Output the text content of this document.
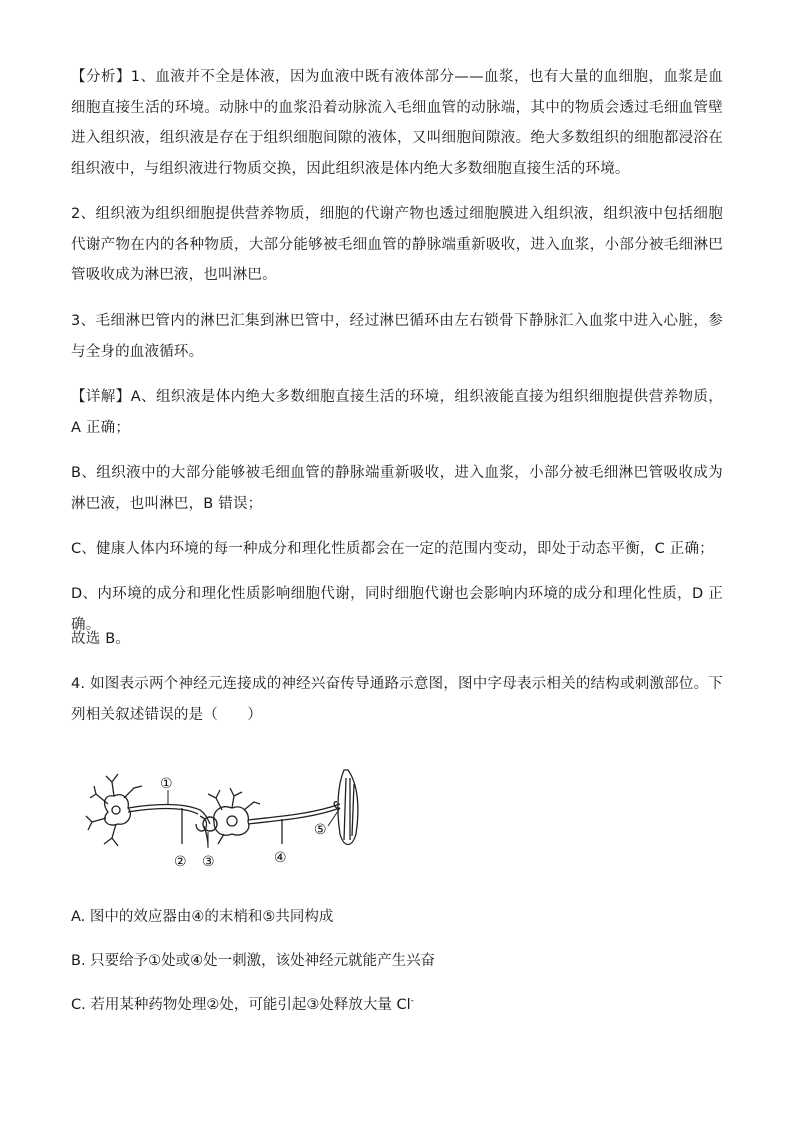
【分析】1、血液并不全是体液，因为血液中既有液体部分——血浆，也有大量的血细胞，血浆是血细胞直接生活的环境。动脉中的血浆沿着动脉流入毛细血管的动脉端，其中的物质会透过毛细血管壁进入组织液，组织液是存在于组织细胞间隙的液体，又叫细胞间隙液。绝大多数组织的细胞都浸浴在组织液中，与组织液进行物质交换，因此组织液是体内绝大多数细胞直接生活的环境。

2、组织液为组织细胞提供营养物质，细胞的代谢产物也透过细胞膜进入组织液，组织液中包括细胞代谢产物在内的各种物质，大部分能够被毛细血管的静脉端重新吸收，进入血浆，小部分被毛细淋巴管吸收成为淋巴液，也叫淋巴。

3、毛细淋巴管内的淋巴汇集到淋巴管中，经过淋巴循环由左右锁骨下静脉汇入血浆中进入心脏，参与全身的血液循环。

【详解】A、组织液是体内绝大多数细胞直接生活的环境，组织液能直接为组织细胞提供营养物质，A 正确；

B、组织液中的大部分能够被毛细血管的静脉端重新吸收，进入血浆，小部分被毛细淋巴管吸收成为淋巴液，也叫淋巴，B 错误；

C、健康人体内环境的每一种成分和理化性质都会在一定的范围内变动，即处于动态平衡，C 正确；

D、内环境的成分和理化性质影响细胞代谢，同时细胞代谢也会影响内环境的成分和理化性质，D 正确。

故选 B。

4. 如图表示两个神经元连接成的神经兴奋传导通路示意图，图中字母表示相关的结构或刺激部位。下列相关叙述错误的是（　　）

①
② ③	④
⑤

A. 图中的效应器由④的末梢和⑤共同构成

B. 只要给予①处或④处一刺激，该处神经元就能产生兴奋

C. 若用某种药物处理②处，可能引起③处释放大量 Cl-
